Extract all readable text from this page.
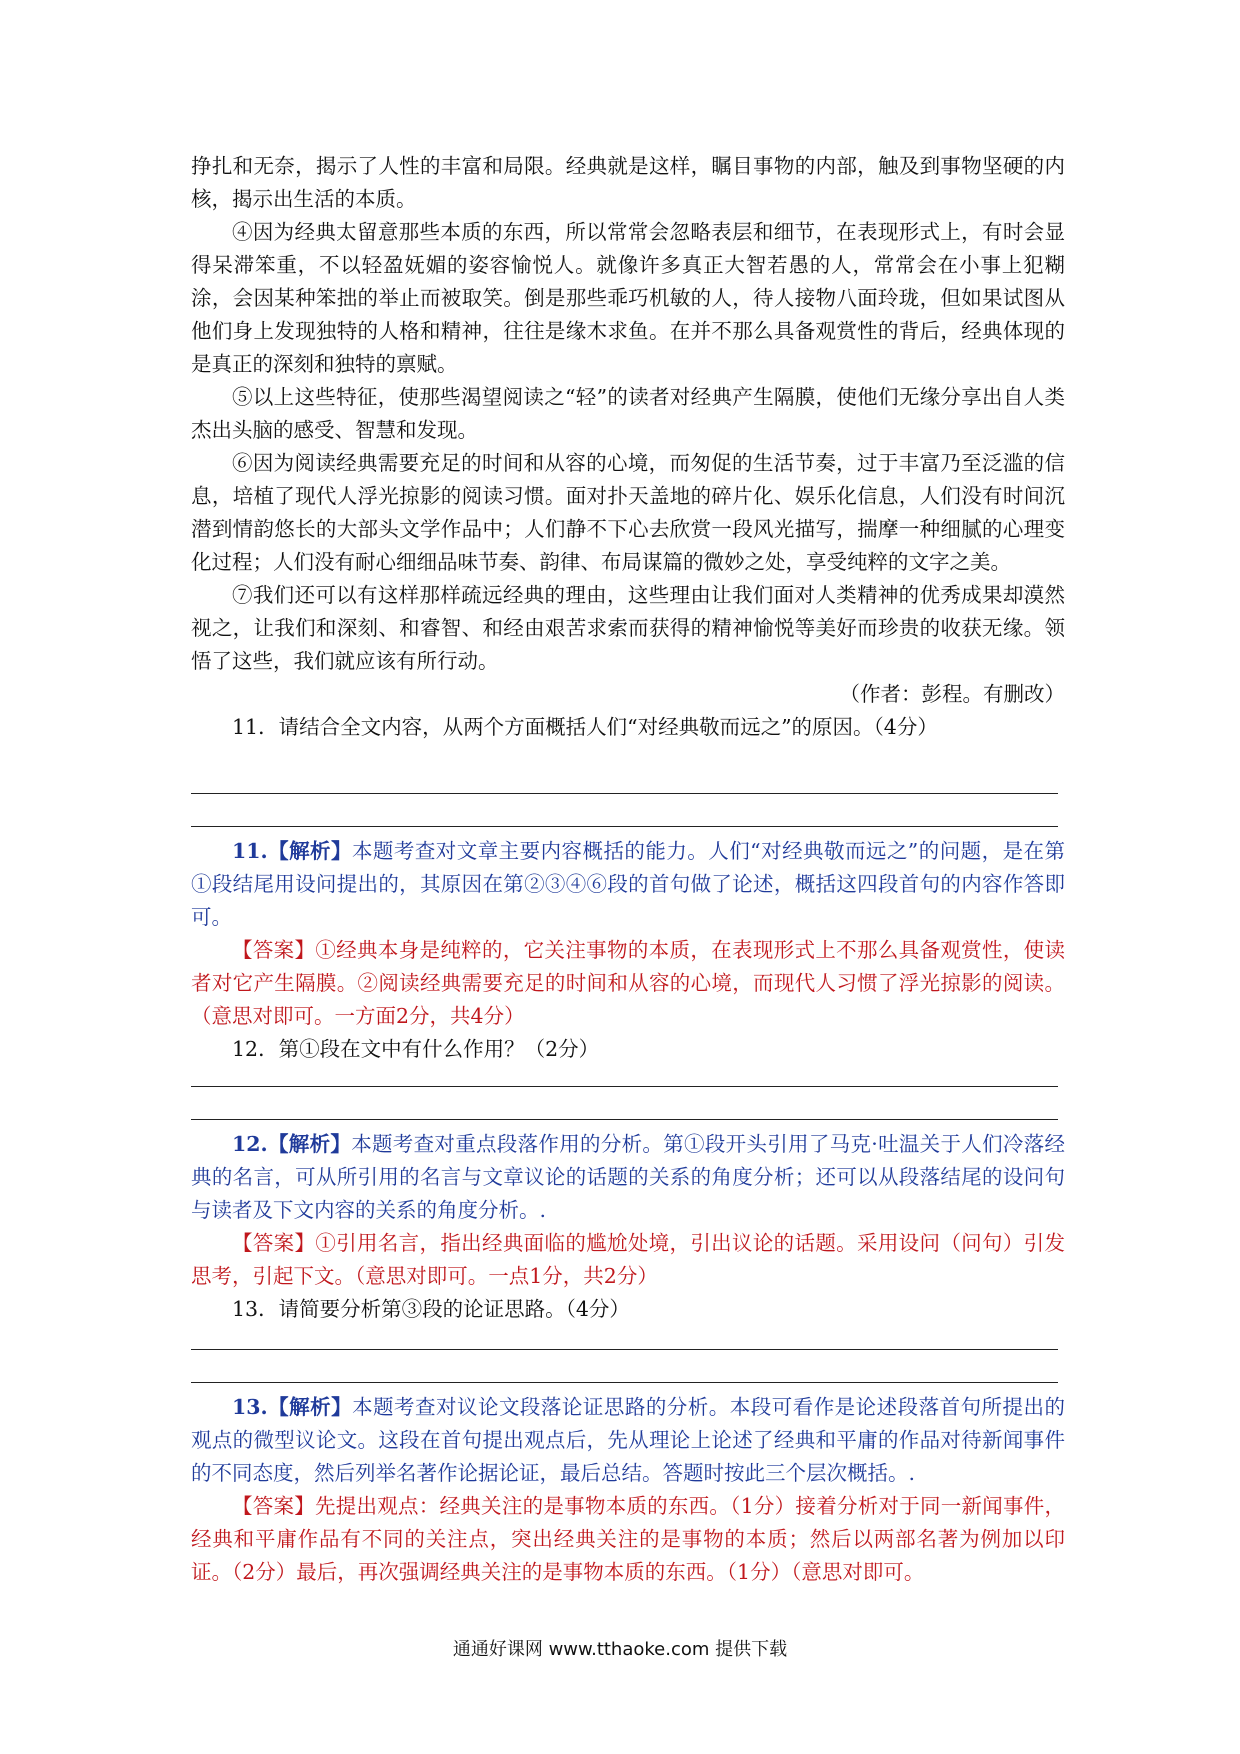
挣扎和无奈，揭示了人性的丰富和局限。经典就是这样，瞩目事物的内部，触及到事物坚硬的内核，揭示出生活的本质。

④因为经典太留意那些本质的东西，所以常常会忽略表层和细节，在表现形式上，有时会显得呆滞笨重，不以轻盈妩媚的姿容愉悦人。就像许多真正大智若愚的人，常常会在小事上犯糊涂，会因某种笨拙的举止而被取笑。倒是那些乖巧机敏的人，待人接物八面玲珑，但如果试图从他们身上发现独特的人格和精神，往往是缘木求鱼。在并不那么具备观赏性的背后，经典体现的是真正的深刻和独特的禀赋。

⑤以上这些特征，使那些渴望阅读之“轻”的读者对经典产生隔膜，使他们无缘分享出自人类杰出头脑的感受、智慧和发现。

⑥因为阅读经典需要充足的时间和从容的心境，而匆促的生活节奏，过于丰富乃至泛滥的信息，培植了现代人浮光掠影的阅读习惯。面对扑天盖地的碎片化、娱乐化信息，人们没有时间沉潜到情韵悠长的大部头文学作品中；人们静不下心去欣赏一段风光描写，揣摩一种细腻的心理变化过程；人们没有耐心细细品味节奏、韵律、布局谋篇的微妙之处，享受纯粹的文字之美。

⑦我们还可以有这样那样疏远经典的理由，这些理由让我们面对人类精神的优秀成果却漠然视之，让我们和深刻、和睿智、和经由艰苦求索而获得的精神愉悦等美好而珍贵的收获无缘。领悟了这些，我们就应该有所行动。

（作者：彭程。有删改）

11．请结合全文内容，从两个方面概括人们“对经典敬而远之”的原因。（4分）

11.【解析】本题考查对文章主要内容概括的能力。人们“对经典敬而远之”的问题，是在第①段结尾用设问提出的，其原因在第②③④⑥段的首句做了论述，概括这四段首句的内容作答即可。

【答案】①经典本身是纯粹的，它关注事物的本质，在表现形式上不那么具备观赏性，使读者对它产生隔膜。②阅读经典需要充足的时间和从容的心境，而现代人习惯了浮光掠影的阅读。（意思对即可。一方面2分，共4分）

12．第①段在文中有什么作用？（2分）

12.【解析】本题考查对重点段落作用的分析。第①段开头引用了马克·吐温关于人们冷落经典的名言，可从所引用的名言与文章议论的话题的关系的角度分析；还可以从段落结尾的设问句与读者及下文内容的关系的角度分析。.

【答案】①引用名言，指出经典面临的尴尬处境，引出议论的话题。采用设问（问句）引发思考，引起下文。（意思对即可。一点1分，共2分）

13．请简要分析第③段的论证思路。（4分）

13.【解析】本题考查对议论文段落论证思路的分析。本段可看作是论述段落首句所提出的观点的微型议论文。这段在首句提出观点后，先从理论上论述了经典和平庸的作品对待新闻事件的不同态度，然后列举名著作论据论证，最后总结。答题时按此三个层次概括。.

【答案】先提出观点：经典关注的是事物本质的东西。（1分）接着分析对于同一新闻事件，经典和平庸作品有不同的关注点，突出经典关注的是事物的本质；然后以两部名著为例加以印证。（2分）最后，再次强调经典关注的是事物本质的东西。（1分）（意思对即可。

通通好课网 www.tthaoke.com 提供下载
